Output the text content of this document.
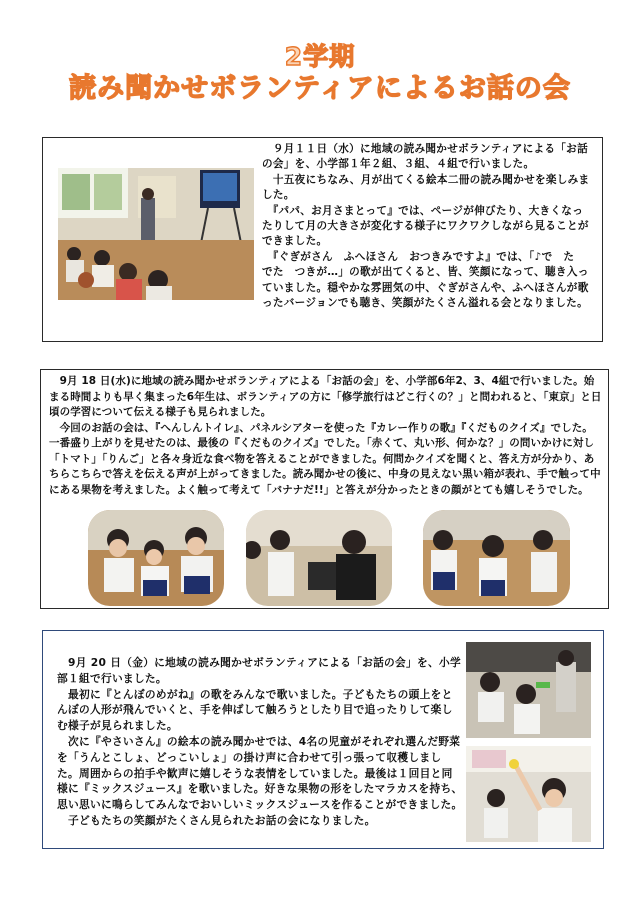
2学期
読み聞かせボランティアによるお話の会

　９月１１日（水）に地域の読み聞かせボランティアによる「お話の会」を、小学部１年２組、３組、４組で行いました。

　十五夜にちなみ、月が出てくる絵本二冊の読み聞かせを楽しみました。

　『パパ、お月さまとって』では、ページが伸びたり、大きくなったりして月の大きさが変化する様子にワクワクしながら見ることができました。

　『ぐぎがさん　ふへほさん　おつきみですよ』では、「♪で　た　でた　つきが…」の歌が出てくると、皆、笑顔になって、聴き入っていました。穏やかな雰囲気の中、ぐぎがさんや、ふへほさんが歌ったバージョンでも聴き、笑顔がたくさん溢れる会となりました。

　9月 18 日(水)に地域の読み聞かせボランティアによる「お話の会」を、小学部6年2、3、4組で行いました。始まる時間よりも早く集まった6年生は、ボランティアの方に「修学旅行はどこ行くの？」と問われると、「東京」と日頃の学習について伝える様子も見られました。

　今回のお話の会は、『へんしんトイレ』、パネルシアターを使った『カレー作りの歌』『くだものクイズ』でした。一番盛り上がりを見せたのは、最後の『くだものクイズ』でした。「赤くて、丸い形、何かな？」の問いかけに対し「トマト」「りんご」と各々身近な食べ物を答えることができました。何問かクイズを聞くと、答え方が分かり、あちらこちらで答えを伝える声が上がってきました。読み聞かせの後に、中身の見えない黒い箱が表れ、手で触って中にある果物を考えました。よく触って考えて「バナナだ!!」と答えが分かったときの顔がとても嬉しそうでした。

　9月 20 日（金）に地域の読み聞かせボランティアによる「お話の会」を、小学部１組で行いました。

　最初に『とんぼのめがね』の歌をみんなで歌いました。子どもたちの頭上をとんぼの人形が飛んでいくと、手を伸ばして触ろうとしたり目で追ったりして楽しむ様子が見られました。

　次に『やさいさん』の絵本の読み聞かせでは、4名の児童がそれぞれ選んだ野菜を「うんとこしょ、どっこいしょ」の掛け声に合わせて引っ張って収穫しました。周囲からの拍手や歓声に嬉しそうな表情をしていました。最後は１回目と同様に『ミックスジュース』を歌いました。好きな果物の形をしたマラカスを持ち、思い思いに鳴らしてみんなでおいしいミックスジュースを作ることができました。

　子どもたちの笑顔がたくさん見られたお話の会になりました。
